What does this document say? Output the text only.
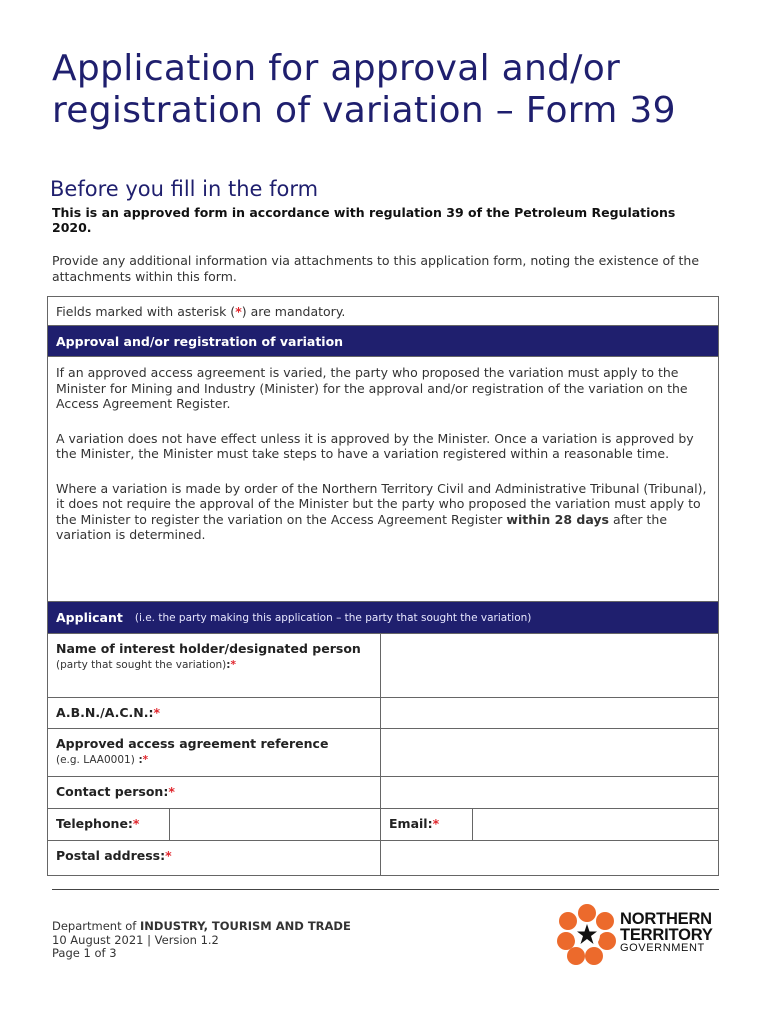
Application for approval and/or
registration of variation – Form 39
Before you fill in the form

This is an approved form in accordance with regulation 39 of the Petroleum Regulations 2020.

Provide any additional information via attachments to this application form, noting the existence of the attachments within this form.

Fields marked with asterisk (*) are mandatory.
Approval and/or registration of variation

If an approved access agreement is varied, the party who proposed the variation must apply to the Minister for Mining and Industry (Minister) for the approval and/or registration of the variation on the Access Agreement Register.

A variation does not have effect unless it is approved by the Minister. Once a variation is approved by the Minister, the Minister must take steps to have a variation registered within a reasonable time.

Where a variation is made by order of the Northern Territory Civil and Administrative Tribunal (Tribunal), it does not require the approval of the Minister but the party who proposed the variation must apply to the Minister to register the variation on the Access Agreement Register within 28 days after the variation is determined.

Applicant (i.e. the party making this application – the party that sought the variation)
Name of interest holder/designated person
(party that sought the variation):*
A.B.N./A.C.N.:*
Approved access agreement reference
(e.g. LAA0001) :*
Contact person:*
Telephone:*	Email:*
Postal address:*
Department of INDUSTRY, TOURISM AND TRADE
10 August 2021 | Version 1.2
Page 1 of 3
NORTHERN
TERRITORY
GOVERNMENT
